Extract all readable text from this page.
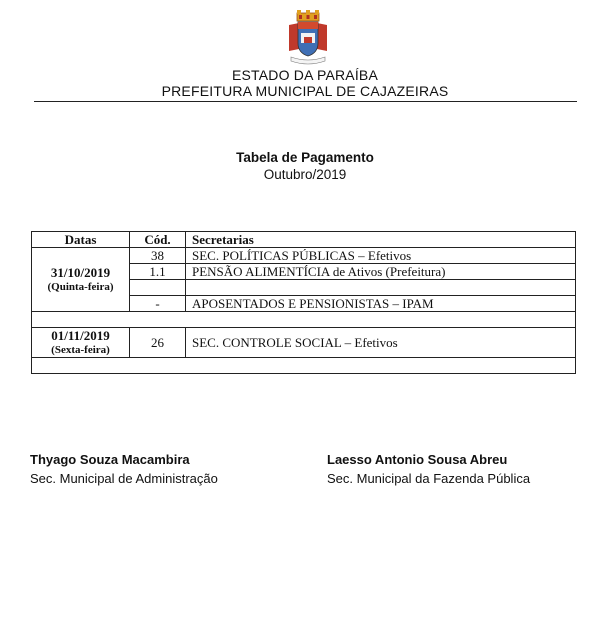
ESTADO DA PARAÍBA
PREFEITURA MUNICIPAL DE CAJAZEIRAS
Tabela de Pagamento
Outubro/2019
Datas	Cód.	Secretarias

31/10/2019
(Quinta-feira)	38	SEC. POLÍTICAS PÚBLICAS – Efetivos
	1.1	PENSÃO ALIMENTÍCIA de Ativos (Prefeitura)

	-	APOSENTADOS E PENSIONISTAS – IPAM

01/11/2019
(Sexta-feira)	26	SEC. CONTROLE SOCIAL – Efetivos

Thyago Souza Macambira
Sec. Municipal de Administração
Laesso Antonio Sousa Abreu
Sec. Municipal da Fazenda Pública
